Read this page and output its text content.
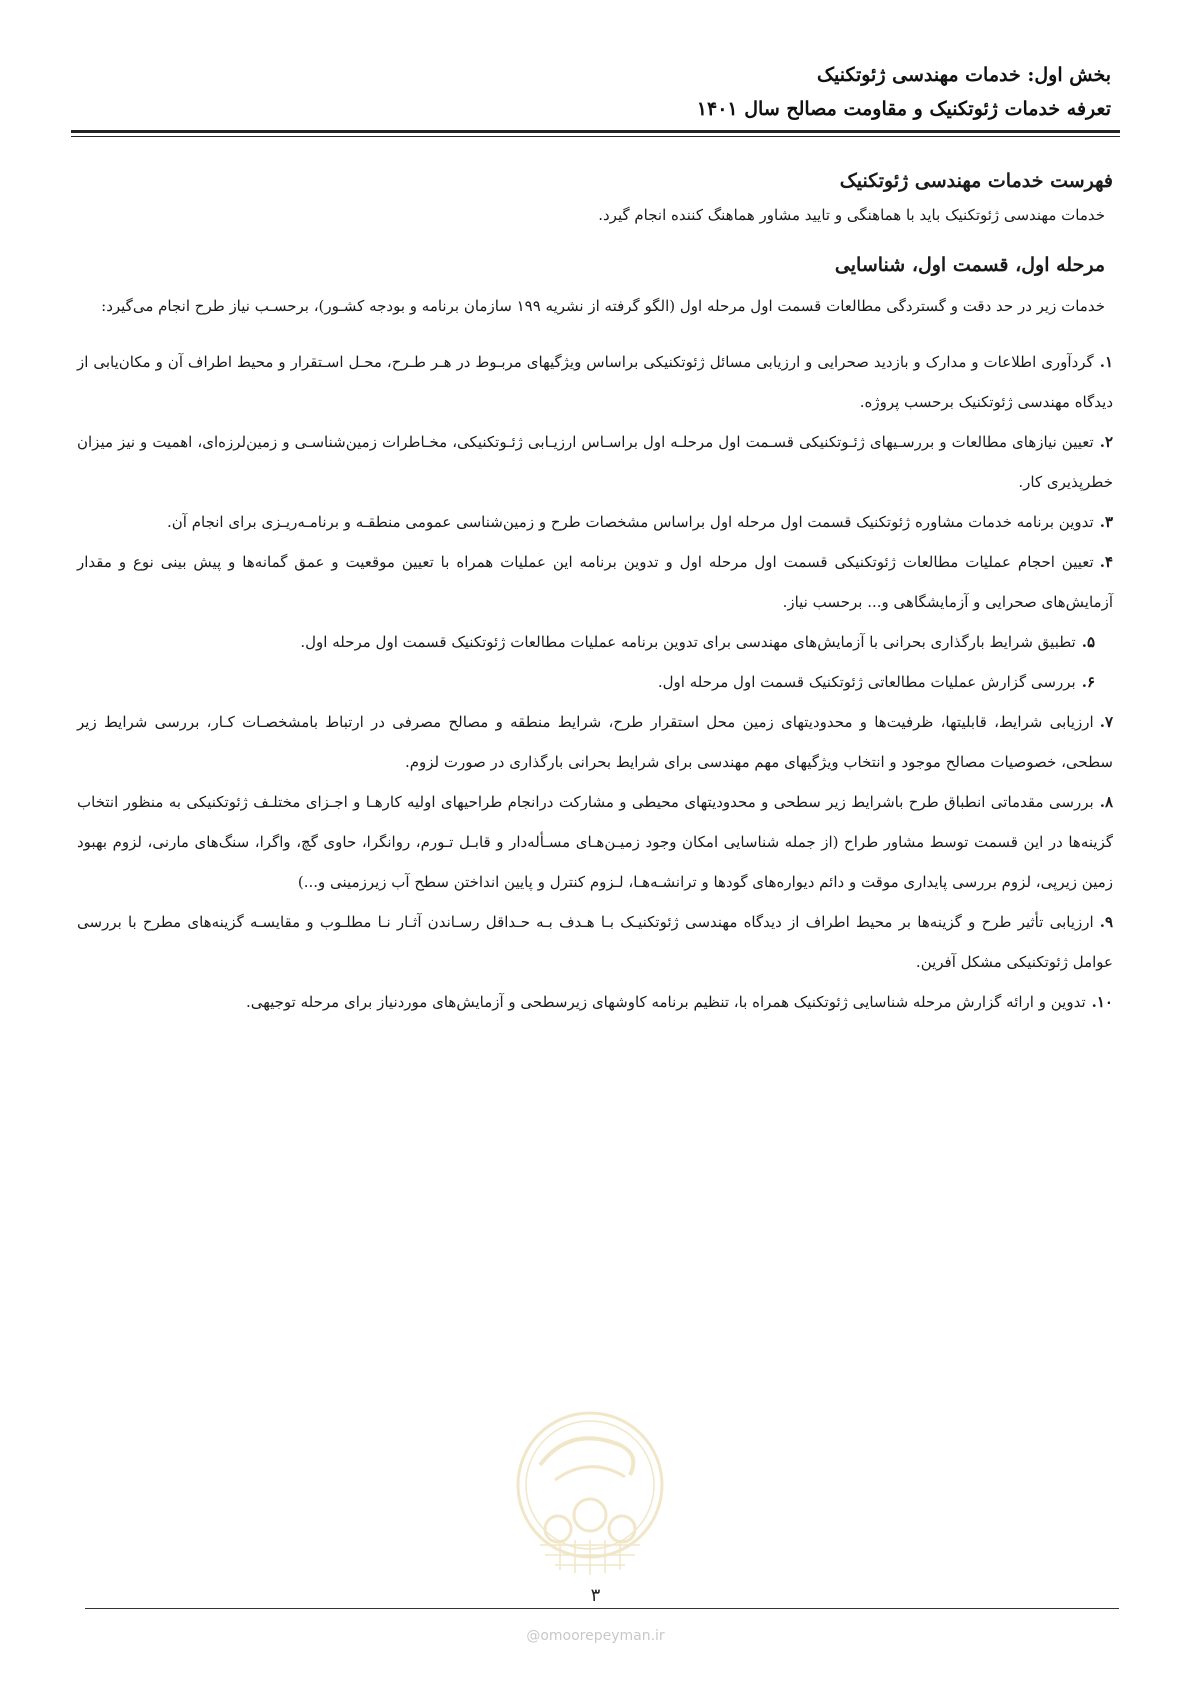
بخش اول: خدمات مهندسی ژئوتکنیک
تعرفه خدمات ژئوتکنیک و مقاومت مصالح سال ۱۴۰۱
فهرست خدمات مهندسی ژئوتکنیک
خدمات مهندسی ژئوتکنیک باید با هماهنگی و تایید مشاور هماهنگ کننده انجام گیرد.
مرحله اول، قسمت اول، شناسایی
خدمات زیر در حد دقت و گستردگی مطالعات قسمت اول مرحله اول (الگو گرفته از نشریه ۱۹۹ سازمان برنامه و بودجه کشـور)، برحسـب نیاز طرح انجام می‌گیرد:
۱.گردآوری اطلاعات و مدارک و بازدید صحرایی و ارزیابی مسائل ژئوتکنیکی براساس ویژگیهای مربـوط در هـر طـرح، محـل اسـتقرار و محیط اطراف آن و مکان‌یابی از دیدگاه مهندسی ژئوتکنیک برحسب پروژه.
۲.تعیین نیازهای مطالعات و بررسـیهای ژئـوتکنیکی قسـمت اول مرحلـه اول براسـاس ارزیـابی ژئـوتکنیکی، مخـاطرات زمین‌شناسـی و زمین‌لرزه‌ای، اهمیت و نیز میزان خطرپذیری کار.
۳.تدوین برنامه خدمات مشاوره ژئوتکنیک قسمت اول مرحله اول براساس مشخصات طرح و زمین‌شناسی عمومی منطقـه و برنامـه‌ریـزی برای انجام آن.
۴.تعیین احجام عملیات مطالعات ژئوتکنیکی قسمت اول مرحله اول و تدوین برنامه این عملیات همراه با تعیین موقعیت و عمق گمانه‌ها و پیش بینی نوع و مقدار آزمایش‌های صحرایی و آزمایشگاهی و... برحسب نیاز.
۵.تطبیق شرایط بارگذاری بحرانی با آزمایش‌های مهندسی برای تدوین برنامه عملیات مطالعات ژئوتکنیک قسمت اول مرحله اول.
۶.بررسی گزارش عملیات مطالعاتی ژئوتکنیک قسمت اول مرحله اول.
۷.ارزیابی شرایط، قابلیتها، ظرفیت‌ها و محدودیتهای زمین محل استقرار طرح، شرایط منطقه و مصالح مصرفی در ارتباط بامشخصـات کـار، بررسی شرایط زیر سطحی، خصوصیات مصالح موجود و انتخاب ویژگیهای مهم مهندسی برای شرایط بحرانی بارگذاری در صورت لزوم.
۸.بررسی مقدماتی انطباق طرح باشرایط زیر سطحی و محدودیتهای محیطی و مشارکت درانجام طراحیهای اولیه کارهـا و اجـزای مختلـف ژئوتکنیکی به منظور انتخاب گزینه‌ها در این قسمت توسط مشاور طراح (از جمله شناسایی امکان وجود زمیـن‌هـای مسـأله‌دار و قابـل تـورم، روانگرا، حاوی گچ، واگرا، سنگ‌های مارنی، لزوم بهبود زمین زیرپی، لزوم بررسی پایداری موقت و دائم دیواره‌های گودها و ترانشـه‌هـا، لـزوم کنترل و پایین انداختن سطح آب زیرزمینی و...)
۹.ارزیابی تأثیر طرح و گزینه‌ها بر محیط اطراف از دیدگاه مهندسی ژئوتکنیـک بـا هـدف بـه حـداقل رسـاندن آثـار نـا مطلـوب و مقایسـه گزینه‌های مطرح با بررسی عوامل ژئوتکنیکی مشکل آفرین.
۱۰.تدوین و ارائه گزارش مرحله شناسایی ژئوتکنیک همراه با، تنظیم برنامه کاوشهای زیرسطحی و آزمایش‌های موردنیاز برای مرحله توجیهی.
۳
@omoorepeyman.ir
